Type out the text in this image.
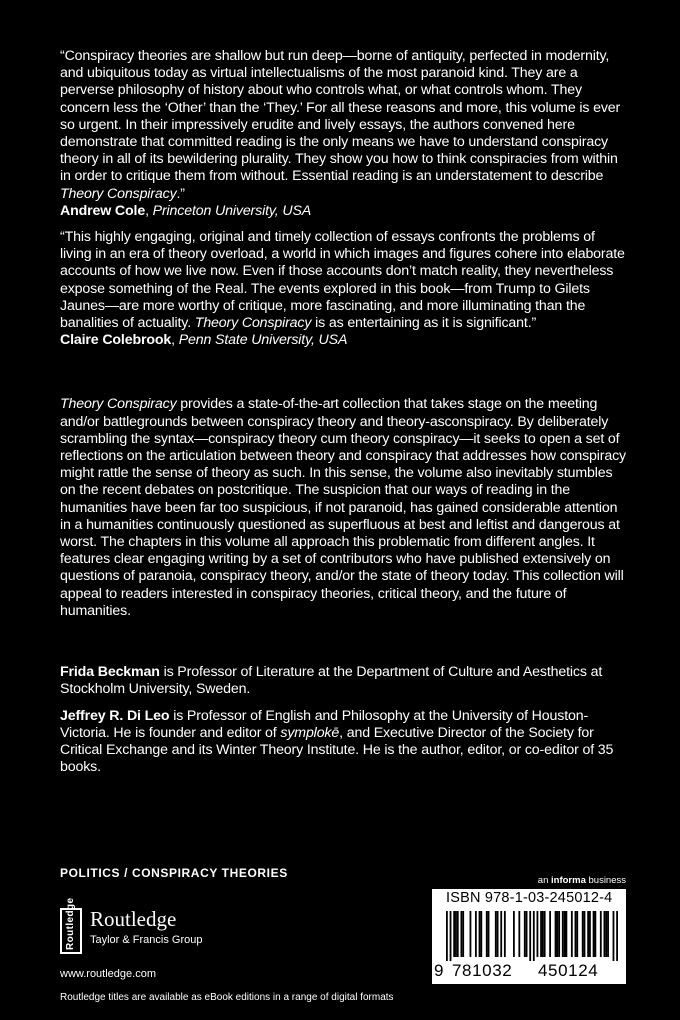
“Conspiracy theories are shallow but run deep—borne of antiquity, perfected in modernity, and ubiquitous today as virtual intellectualisms of the most paranoid kind. They are a perverse philosophy of history about who controls what, or what controls whom. They concern less the ‘Other’ than the ‘They.’ For all these reasons and more, this volume is ever so urgent. In their impressively erudite and lively essays, the authors convened here demonstrate that committed reading is the only means we have to understand conspiracy theory in all of its bewildering plurality. They show you how to think conspiracies from within in order to critique them from without. Essential reading is an understatement to describe Theory Conspiracy.”
Andrew Cole, Princeton University, USA

“This highly engaging, original and timely collection of essays confronts the problems of living in an era of theory overload, a world in which images and figures cohere into elaborate accounts of how we live now. Even if those accounts don’t match reality, they nevertheless expose something of the Real. The events explored in this book—from Trump to Gilets Jaunes—are more worthy of critique, more fascinating, and more illuminating than the banalities of actuality. Theory Conspiracy is as entertaining as it is significant.”
Claire Colebrook, Penn State University, USA

Theory Conspiracy provides a state-of-the-art collection that takes stage on the meeting and/or battlegrounds between conspiracy theory and theory-asconspiracy. By deliberately scrambling the syntax—conspiracy theory cum theory conspiracy—it seeks to open a set of reflections on the articulation between theory and conspiracy that addresses how conspiracy might rattle the sense of theory as such. In this sense, the volume also inevitably stumbles on the recent debates on postcritique. The suspicion that our ways of reading in the humanities have been far too suspicious, if not paranoid, has gained considerable attention in a humanities continuously questioned as superfluous at best and leftist and dangerous at worst. The chapters in this volume all approach this problematic from different angles. It features clear engaging writing by a set of contributors who have published extensively on questions of paranoia, conspiracy theory, and/or the state of theory today. This collection will appeal to readers interested in conspiracy theories, critical theory, and the future of humanities.

Frida Beckman is Professor of Literature at the Department of Culture and Aesthetics at Stockholm University, Sweden.

Jeffrey R. Di Leo is Professor of English and Philosophy at the University of Houston-Victoria. He is founder and editor of symplokē, and Executive Director of the Society for Critical Exchange and its Winter Theory Institute. He is the author, editor, or co-editor of 35 books.

POLITICS / CONSPIRACY THEORIES
an informa business
Routledge Routledge
Taylor & Francis Group
www.routledge.com
Routledge titles are available as eBook editions in a range of digital formats
ISBN 978-1-03-245012-4
9 781032 450124
